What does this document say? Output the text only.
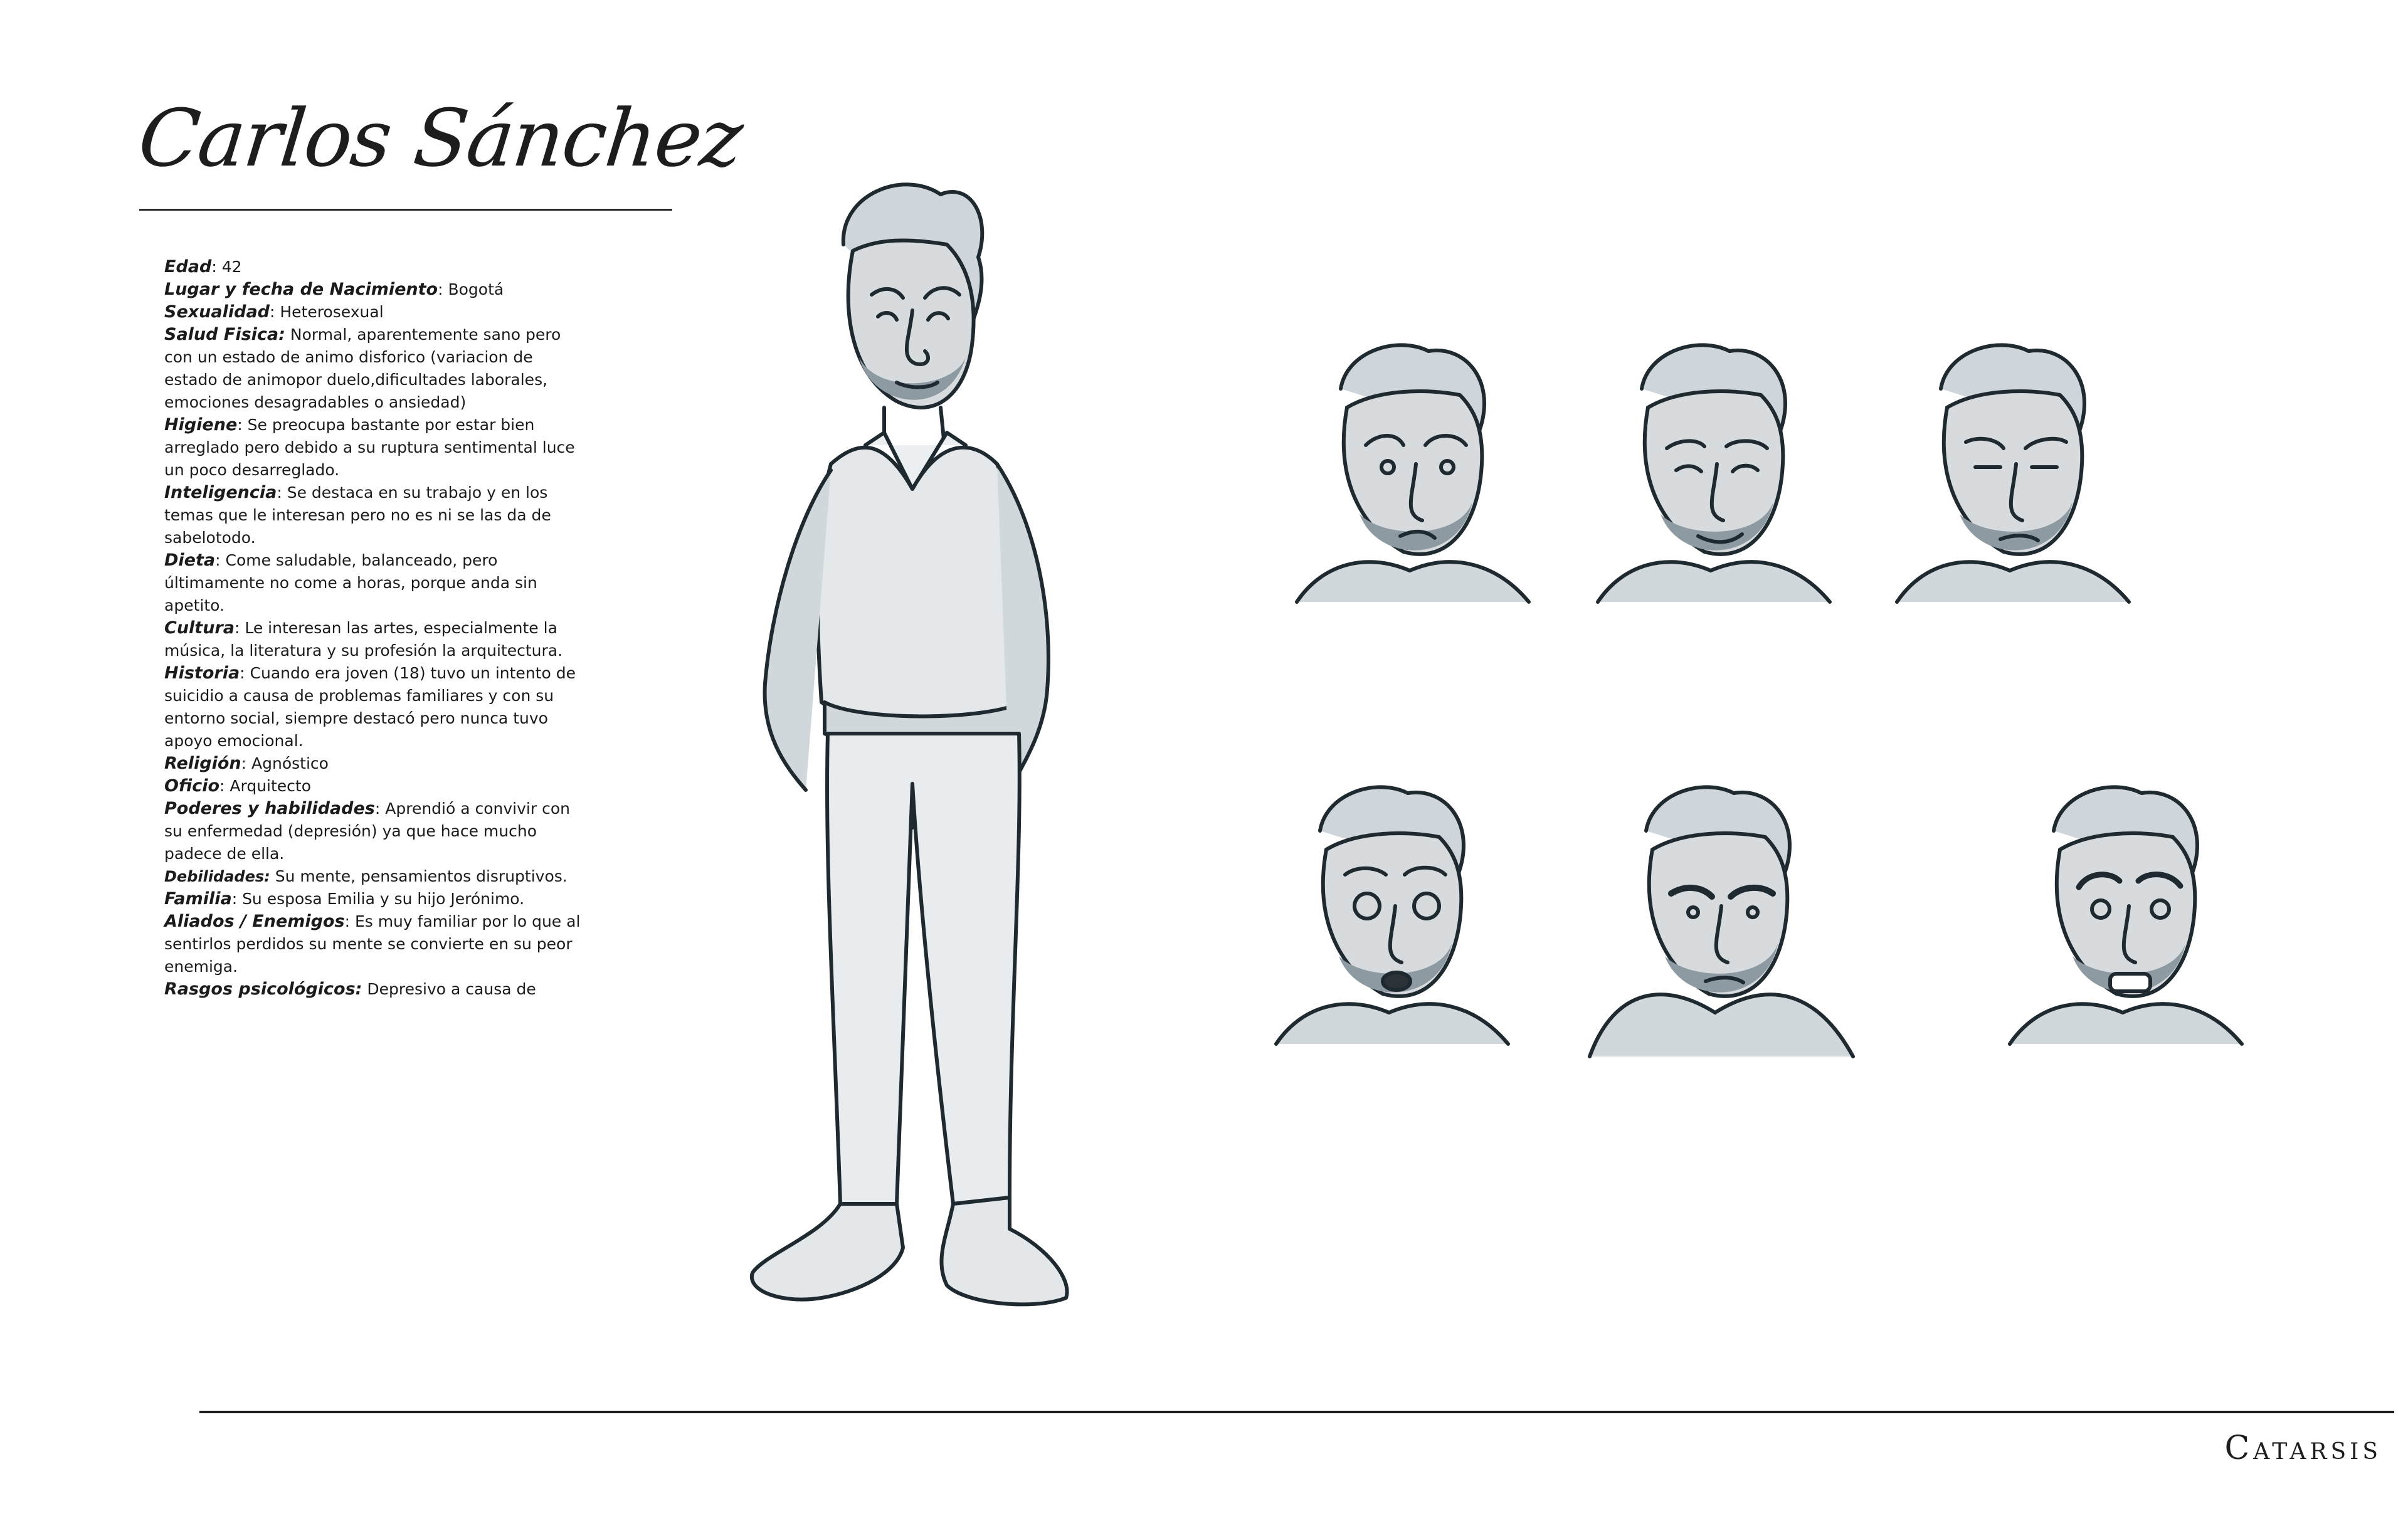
Carlos Sánchez

Edad: 42

Lugar y fecha de Nacimiento: Bogotá

Sexualidad: Heterosexual

Salud Fisica: Normal, aparentemente sano pero con un estado de animo disforico (variacion de estado de animopor duelo,dificultades laborales, emociones desagradables o ansiedad)

Higiene: Se preocupa bastante por estar bien arreglado pero debido a su ruptura sentimental luce un poco desarreglado.

Inteligencia: Se destaca en su trabajo y en los temas que le interesan pero no es ni se las da de sabelotodo.

Dieta: Come saludable, balanceado, pero últimamente no come a horas, porque anda sin apetito.

Cultura: Le interesan las artes, especialmente la música, la literatura y su profesión la arquitectura.

Historia: Cuando era joven (18) tuvo un intento de suicidio a causa de problemas familiares y con su entorno social, siempre destacó pero nunca tuvo apoyo emocional.

Religión: Agnóstico

Oficio: Arquitecto

Poderes y habilidades: Aprendió a convivir con su enfermedad (depresión) ya que hace mucho padece de ella.

Debilidades: Su mente, pensamientos disruptivos.

Familia: Su esposa Emilia y su hijo Jerónimo.

Aliados / Enemigos: Es muy familiar por lo que al sentirlos perdidos su mente se convierte en su peor enemiga.

Rasgos psicológicos: Depresivo a causa de

Catarsis
